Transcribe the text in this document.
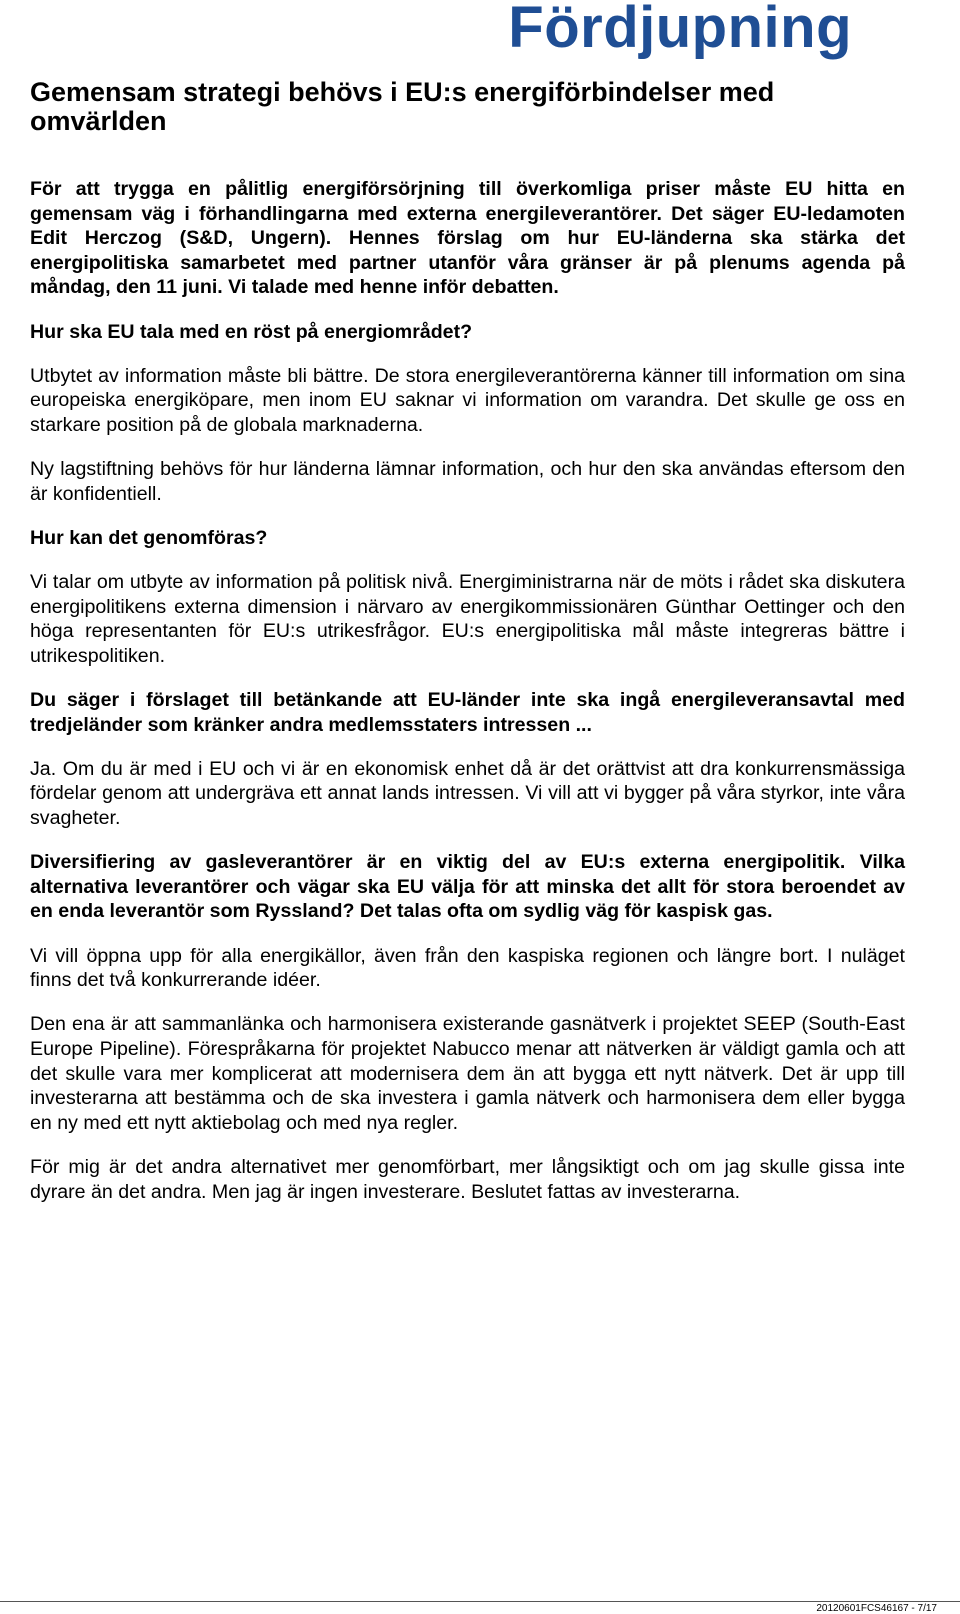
Fördjupning
Gemensam strategi behövs i EU:s energiförbindelser med omvärlden

För att trygga en pålitlig energiförsörjning till överkomliga priser måste EU hitta en gemensam väg i förhandlingarna med externa energileverantörer. Det säger EU-ledamoten Edit Herczog (S&D, Ungern). Hennes förslag om hur EU-länderna ska stärka det energipolitiska samarbetet med partner utanför våra gränser är på plenums agenda på måndag, den 11 juni. Vi talade med henne inför debatten.

Hur ska EU tala med en röst på energiområdet?

Utbytet av information måste bli bättre. De stora energileverantörerna känner till information om sina europeiska energiköpare, men inom EU saknar vi information om varandra. Det skulle ge oss en starkare position på de globala marknaderna.

Ny lagstiftning behövs för hur länderna lämnar information, och hur den ska användas eftersom den är konfidentiell.

Hur kan det genomföras?

Vi talar om utbyte av information på politisk nivå. Energiministrarna när de möts i rådet ska diskutera energipolitikens externa dimension i närvaro av energikommissionären Günthar Oettinger och den höga representanten för EU:s utrikesfrågor. EU:s energipolitiska mål måste integreras bättre i utrikespolitiken.

Du säger i förslaget till betänkande att EU-länder inte ska ingå energileveransavtal med tredjeländer som kränker andra medlemsstaters intressen ...

Ja. Om du är med i EU och vi är en ekonomisk enhet då är det orättvist att dra konkurrensmässiga fördelar genom att undergräva ett annat lands intressen. Vi vill att vi bygger på våra styrkor, inte våra svagheter.

Diversifiering av gasleverantörer är en viktig del av EU:s externa energipolitik. Vilka alternativa leverantörer och vägar ska EU välja för att minska det allt för stora beroendet av en enda leverantör som Ryssland? Det talas ofta om sydlig väg för kaspisk gas.

Vi vill öppna upp för alla energikällor, även från den kaspiska regionen och längre bort. I nuläget finns det två konkurrerande idéer.

Den ena är att sammanlänka och harmonisera existerande gasnätverk i projektet SEEP (South-East Europe Pipeline). Förespråkarna för projektet Nabucco menar att nätverken är väldigt gamla och att det skulle vara mer komplicerat att modernisera dem än att bygga ett nytt nätverk. Det är upp till investerarna att bestämma och de ska investera i gamla nätverk och harmonisera dem eller bygga en ny med ett nytt aktiebolag och med nya regler.

För mig är det andra alternativet mer genomförbart, mer långsiktigt och om jag skulle gissa inte dyrare än det andra. Men jag är ingen investerare. Beslutet fattas av investerarna.

20120601FCS46167 - 7/17
